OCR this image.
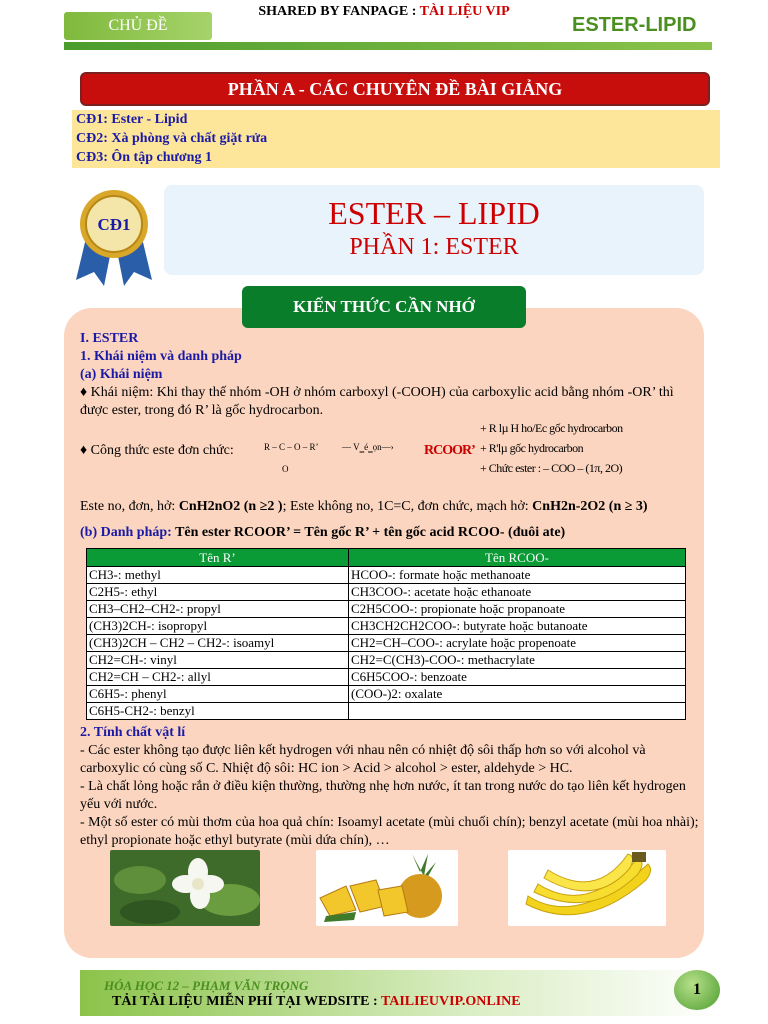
SHARED BY FANPAGE : TÀI LIỆU VIP
CHỦ ĐỀ	ESTER-LIPID
PHẦN A - CÁC CHUYÊN ĐỀ BÀI GIẢNG
CĐ1: Ester - Lipid
CĐ2: Xà phòng và chất giặt rửa
CĐ3: Ôn tập chương 1
CĐ1	ESTER – LIPID
PHẦN 1: ESTER
KIẾN THỨC CẦN NHỚ
I. ESTER
1. Khái niệm và danh pháp
(a) Khái niệm

♦ Khái niệm: Khi thay thế nhóm -OH ở nhóm carboxyl (-COOH) của carboxylic acid bằng nhóm -OR’ thì được ester, trong đó R’ là gốc hydrocarbon.

♦ Công thức este đơn chức:	R – C – O – R’
O
— V‗é‗ọn—› RCOOR’
+ R lµ H ho/Ec gốc hydrocarbon
+ R'lµ gốc hydrocarbon
+ Chức ester : – COO – (1π, 2O)

Este no, đơn, hở: CnH2nO2 (n ≥2 ); Este không no, 1C=C, đơn chức, mạch hở: CnH2n-2O2 (n ≥ 3)

(b) Danh pháp: Tên ester RCOOR’ = Tên gốc R’ + tên gốc acid RCOO- (đuôi ate)

Tên R’	Tên RCOO-
CH3-: methyl	HCOO-: formate hoặc methanoate
C2H5-: ethyl	CH3COO-: acetate hoặc ethanoate
CH3–CH2–CH2-: propyl	C2H5COO-: propionate hoặc propanoate
(CH3)2CH-: isopropyl	CH3CH2CH2COO-: butyrate hoặc butanoate
(CH3)2CH – CH2 – CH2-: isoamyl	CH2=CH–COO-: acrylate hoặc propenoate
CH2=CH-: vinyl	CH2=C(CH3)-COO-: methacrylate
CH2=CH – CH2-: allyl	C6H5COO-: benzoate
C6H5-: phenyl	(COO-)2: oxalate
C6H5-CH2-: benzyl	
2. Tính chất vật lí

- Các ester không tạo được liên kết hydrogen với nhau nên có nhiệt độ sôi thấp hơn so với alcohol và carboxylic có cùng số C. Nhiệt độ sôi: HC ion > Acid > alcohol > ester, aldehyde > HC.

- Là chất lỏng hoặc rắn ở điều kiện thường, thường nhẹ hơn nước, ít tan trong nước do tạo liên kết hydrogen yếu với nước.

- Một số ester có mùi thơm của hoa quả chín: Isoamyl acetate (mùi chuối chín); benzyl acetate (mùi hoa nhài); ethyl propionate hoặc ethyl butyrate (mùi dứa chín), …

HÓA HỌC 12 – PHẠM VĂN TRỌNG
TẢI TÀI LIỆU MIỄN PHÍ TẠI WEDSITE : TAILIEUVIP.ONLINE
1
